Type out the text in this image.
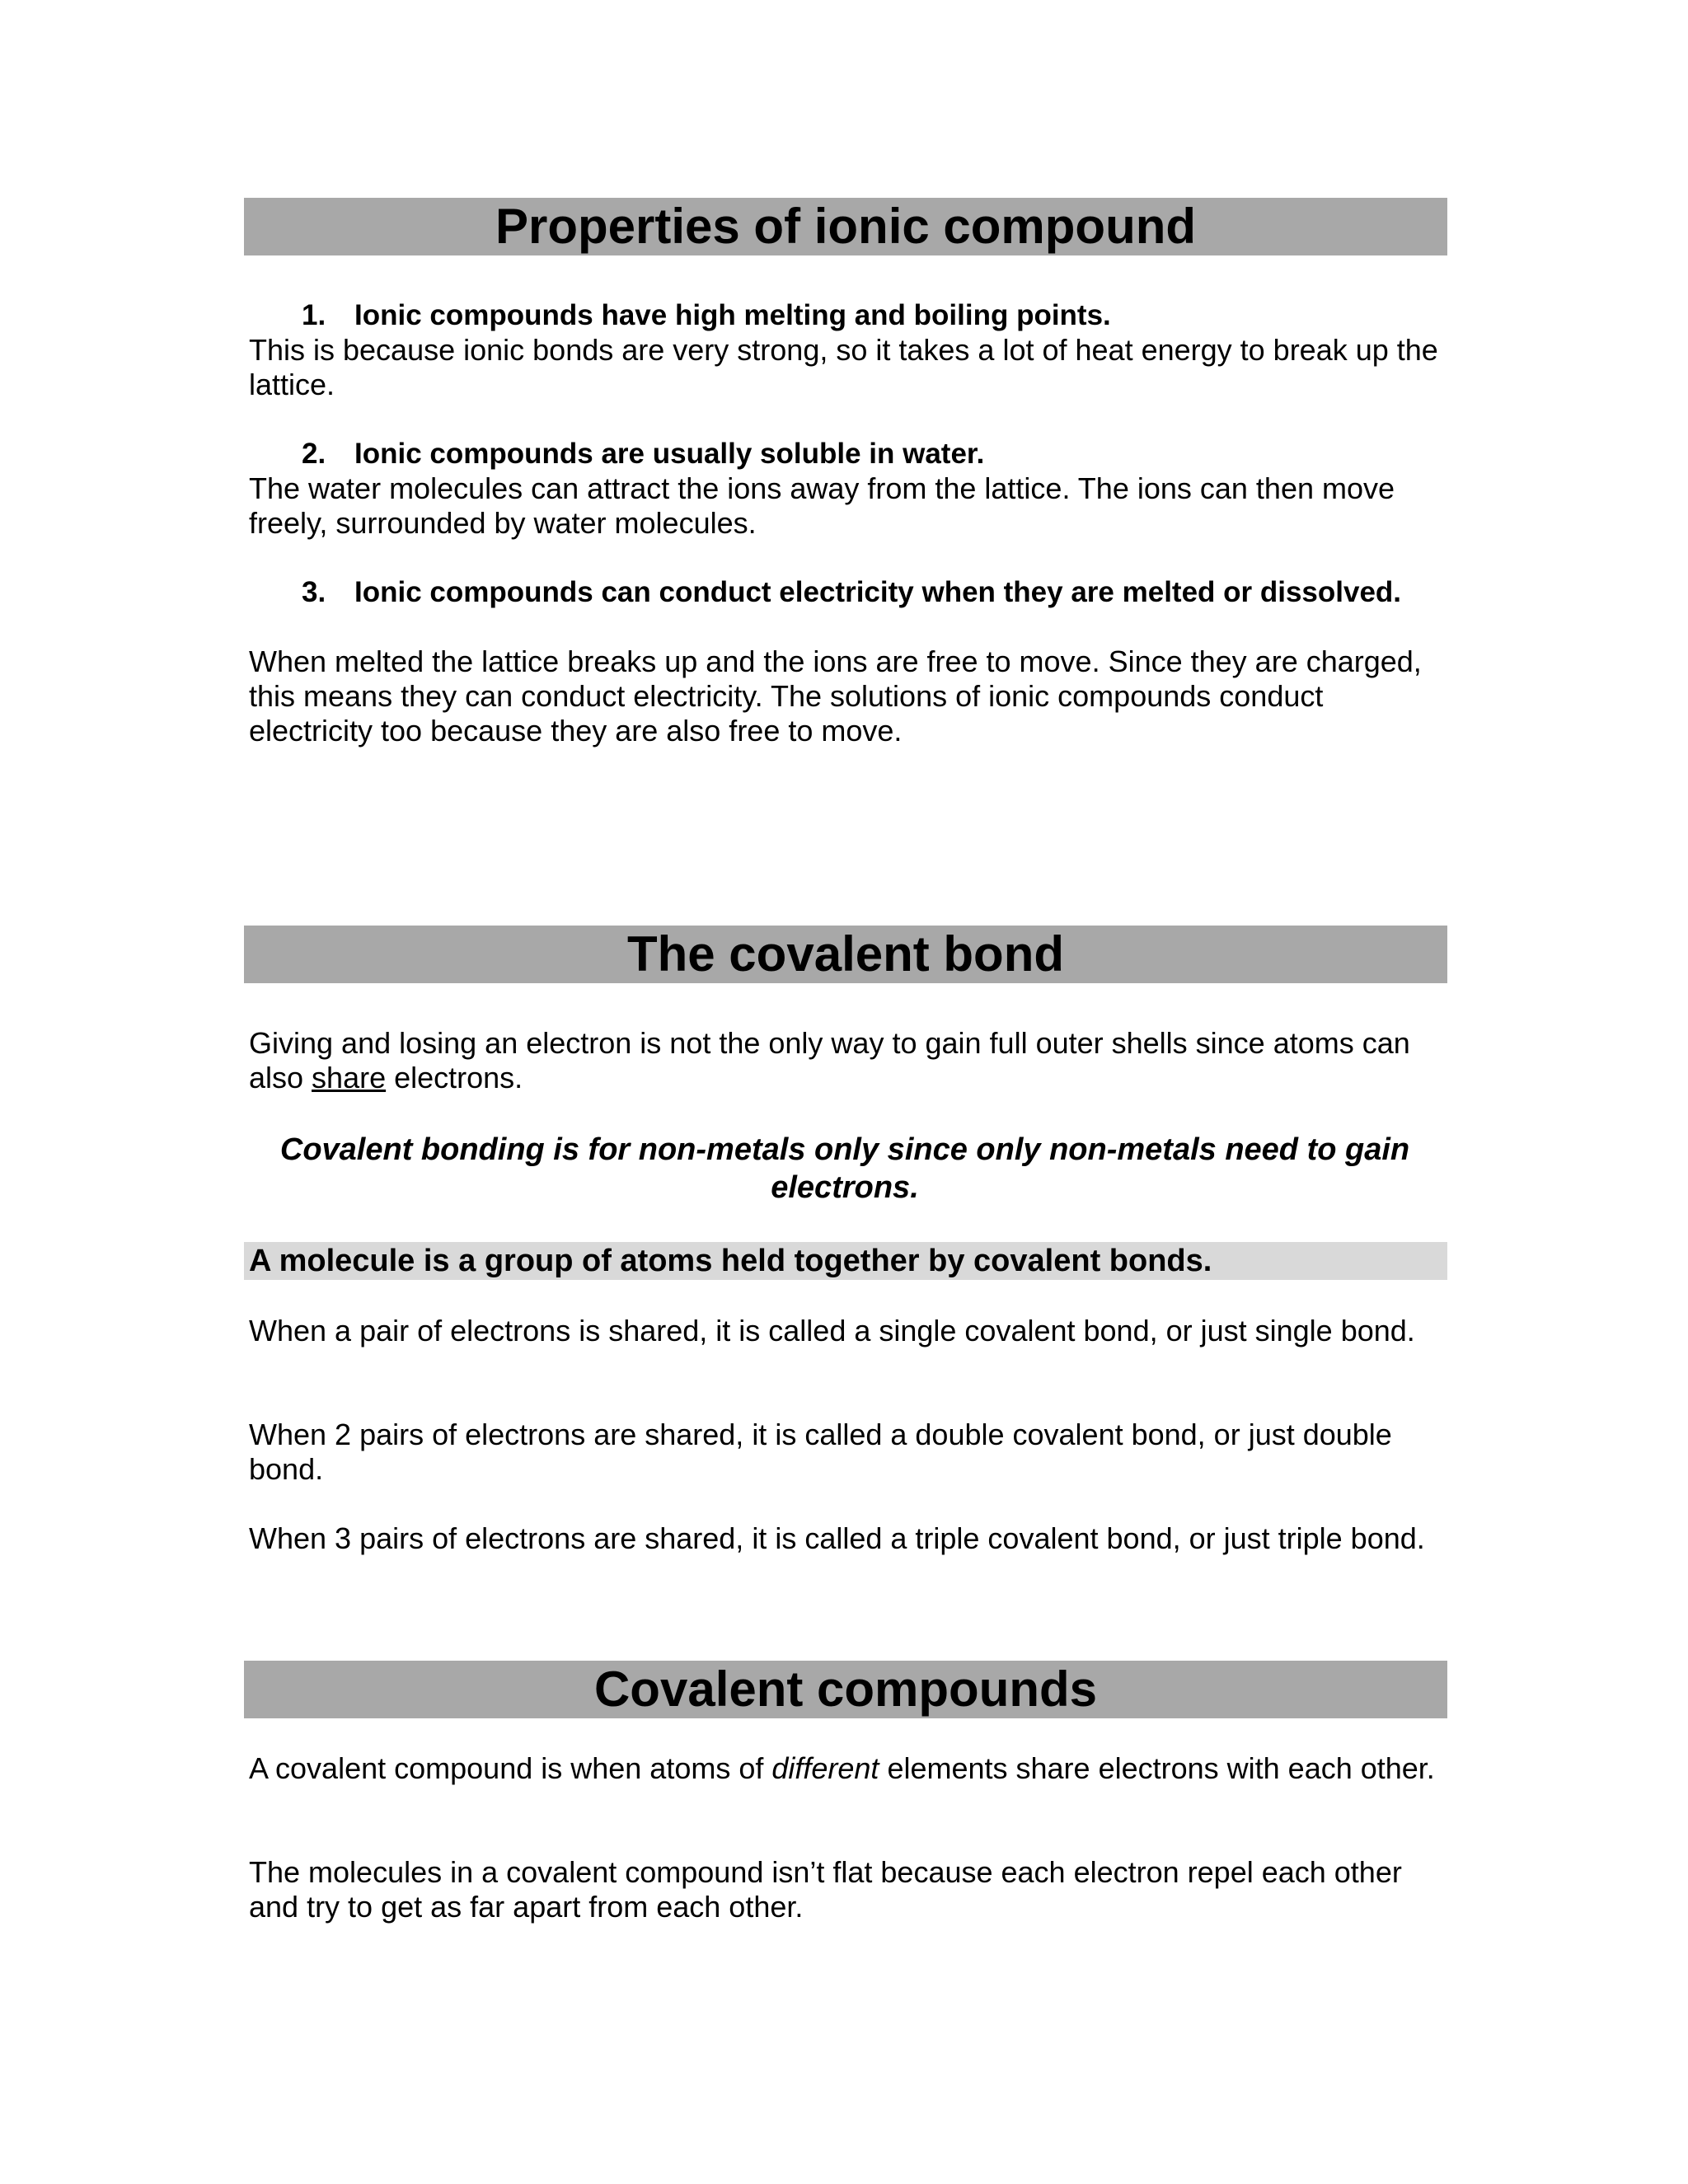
Properties of ionic compound
1. Ionic compounds have high melting and boiling points.

This is because ionic bonds are very strong, so it takes a lot of heat energy to break up the lattice.

2. Ionic compounds are usually soluble in water.

The water molecules can attract the ions away from the lattice. The ions can then move freely, surrounded by water molecules.

3. Ionic compounds can conduct electricity when they are melted or dissolved.

When melted the lattice breaks up and the ions are free to move. Since they are charged, this means they can conduct electricity. The solutions of ionic compounds conduct electricity too because they are also free to move.

The covalent bond

Giving and losing an electron is not the only way to gain full outer shells since atoms can also share electrons.

Covalent bonding is for non-metals only since only non-metals need to gain electrons.

A molecule is a group of atoms held together by covalent bonds.

When a pair of electrons is shared, it is called a single covalent bond, or just single bond.

When 2 pairs of electrons are shared, it is called a double covalent bond, or just double bond.

When 3 pairs of electrons are shared, it is called a triple covalent bond, or just triple bond.

Covalent compounds

A covalent compound is when atoms of different elements share electrons with each other.

The molecules in a covalent compound isn’t flat because each electron repel each other and try to get as far apart from each other.
